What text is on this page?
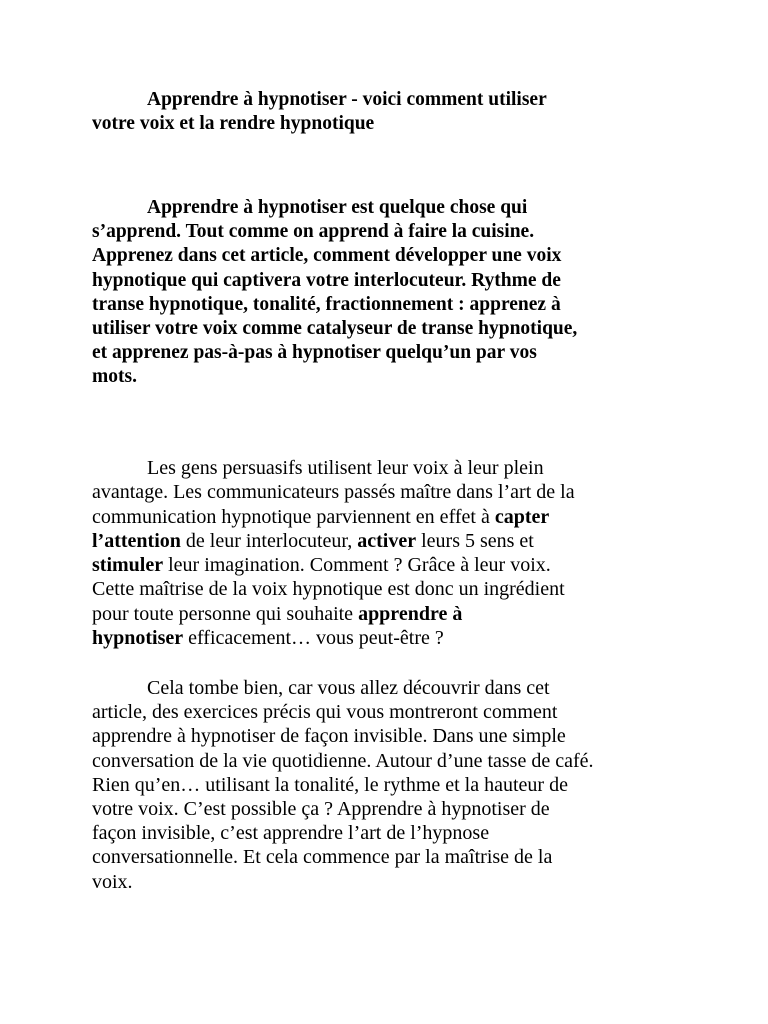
Apprendre à hypnotiser - voici comment utiliser
votre voix et la rendre hypnotique
Apprendre à hypnotiser est quelque chose qui
s’apprend. Tout comme on apprend à faire la cuisine.
Apprenez dans cet article, comment développer une voix
hypnotique qui captivera votre interlocuteur. Rythme de
transe hypnotique, tonalité, fractionnement : apprenez à
utiliser votre voix comme catalyseur de transe hypnotique,
et apprenez pas-à-pas à hypnotiser quelqu’un par vos
mots.
Les gens persuasifs utilisent leur voix à leur plein
avantage. Les communicateurs passés maître dans l’art de la
communication hypnotique parviennent en effet à capter
l’attention de leur interlocuteur, activer leurs 5 sens et
stimuler leur imagination. Comment ? Grâce à leur voix.
Cette maîtrise de la voix hypnotique est donc un ingrédient
pour toute personne qui souhaite apprendre à
hypnotiser efficacement… vous peut-être ?
Cela tombe bien, car vous allez découvrir dans cet
article, des exercices précis qui vous montreront comment
apprendre à hypnotiser de façon invisible. Dans une simple
conversation de la vie quotidienne. Autour d’une tasse de café.
Rien qu’en… utilisant la tonalité, le rythme et la hauteur de
votre voix. C’est possible ça ? Apprendre à hypnotiser de
façon invisible, c’est apprendre l’art de l’hypnose
conversationnelle. Et cela commence par la maîtrise de la
voix.
